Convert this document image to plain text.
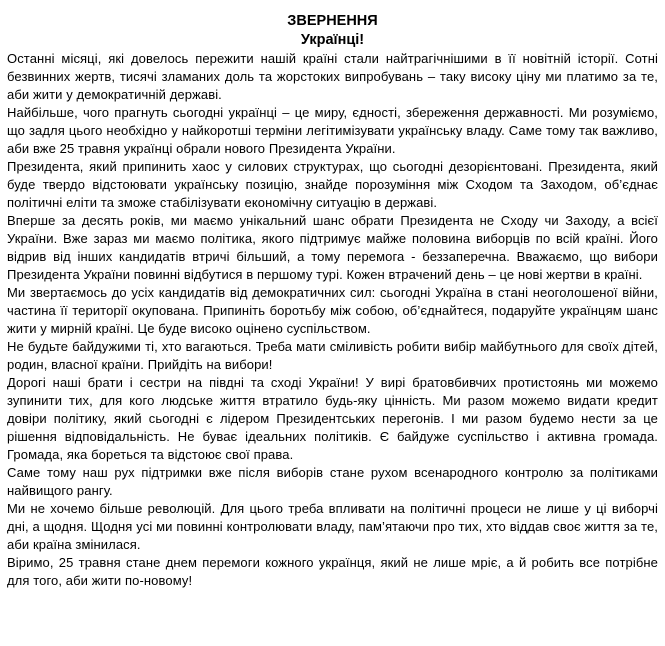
ЗВЕРНЕННЯ
Українці!

Останні місяці, які довелось пережити нашій країні стали найтрагічнішими в її новітній історії. Сотні безвинних жертв, тисячі зламаних доль та жорстоких випробувань – таку високу ціну ми платимо за те, аби жити у демократичній державі.

Найбільше, чого прагнуть сьогодні українці – це миру, єдності, збереження державності. Ми розуміємо, що задля цього необхідно у найкоротші терміни легітимізувати українську владу. Саме тому так важливо, аби вже 25 травня українці обрали нового Президента України.

Президента, який припинить хаос у силових структурах, що сьогодні дезорієнтовані. Президента, який буде твердо відстоювати українську позицію, знайде порозуміння між Сходом та Заходом, об’єднає політичні еліти та зможе стабілізувати економічну ситуацію в державі.

Вперше за десять років, ми маємо унікальний шанс обрати Президента не Сходу чи Заходу, а всієї України. Вже зараз ми маємо політика, якого підтримує майже половина виборців по всій країні. Його відрив від інших кандидатів втричі більший, а тому перемога - беззаперечна. Вважаємо, що вибори Президента України повинні відбутися в першому турі. Кожен втрачений день – це нові жертви в країні.

Ми звертаємось до усіх кандидатів від демократичних сил: сьогодні Україна в стані неоголошеної війни, частина її території окупована. Припиніть боротьбу між собою, об’єднайтеся, подаруйте українцям шанс жити у мирній країні. Це буде високо оцінено суспільством.

Не будьте байдужими ті, хто вагаються. Треба мати сміливість робити вибір майбутнього для своїх дітей, родин, власної країни. Прийдіть на вибори!

Дорогі наші брати і сестри на півдні та сході України! У вирі братовбивчих протистоянь ми можемо зупинити тих, для кого людське життя втратило будь-яку цінність. Ми разом можемо видати кредит довіри політику, який сьогодні є лідером Президентських перегонів. І ми разом будемо нести за це рішення відповідальність. Не буває ідеальних політиків. Є байдуже суспільство і активна громада. Громада, яка бореться та відстоює свої права.

Саме тому наш рух підтримки вже після виборів стане рухом всенародного контролю за політиками найвищого рангу.

Ми не хочемо більше революцій. Для цього треба впливати на політичні процеси не лише у ці виборчі дні, а щодня. Щодня усі ми повинні контролювати владу, пам’ятаючи про тих, хто віддав своє життя за те, аби країна змінилася.

Віримо, 25 травня стане днем перемоги кожного українця, який не лише мріє, а й робить все потрібне для того, аби жити по-новому!
